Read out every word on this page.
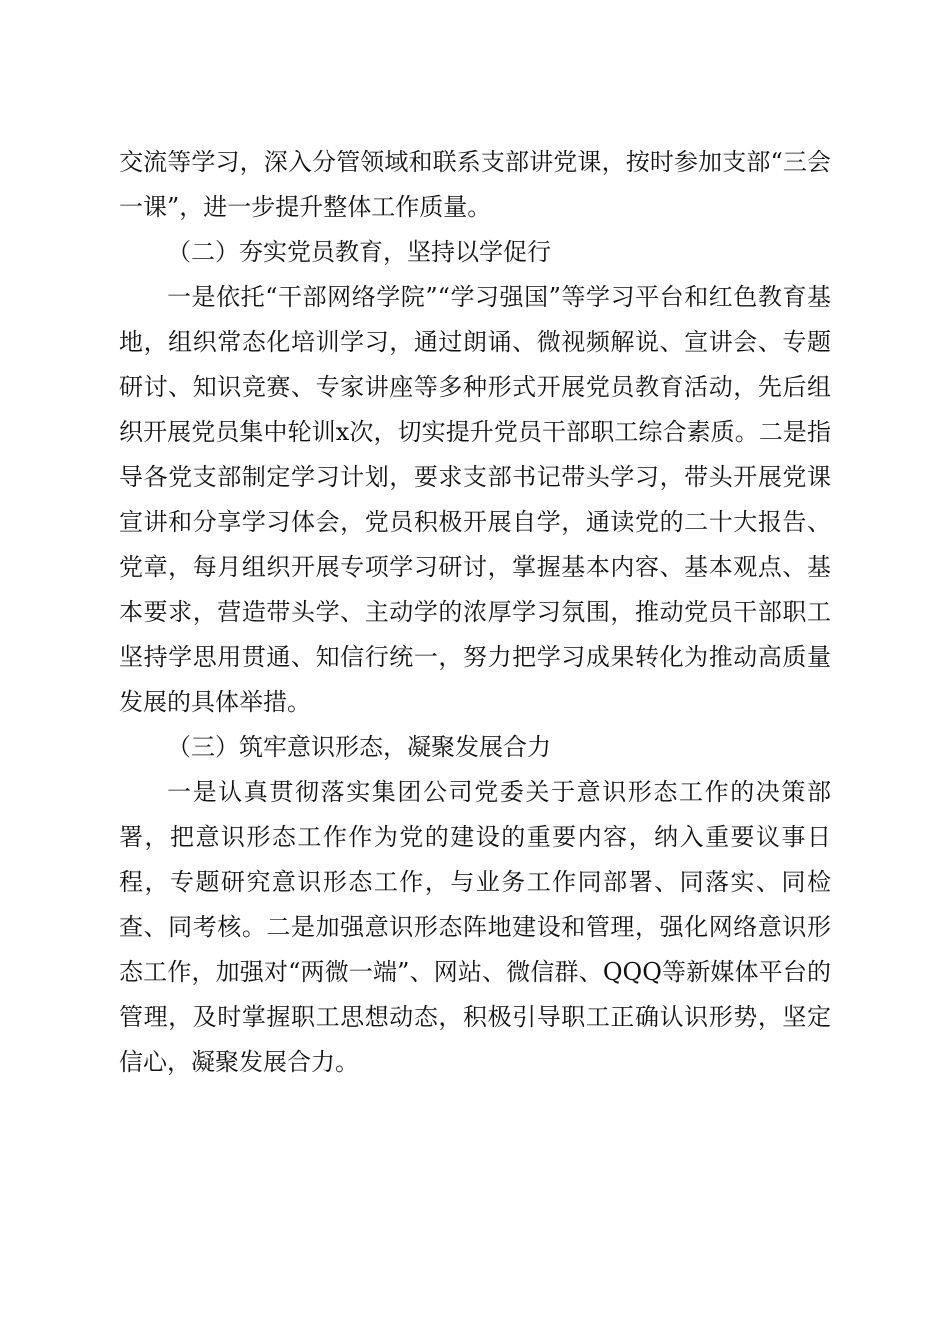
交流等学习，深入分管领域和联系支部讲党课，按时参加支部“三会一课”，进一步提升整体工作质量。

（二）夯实党员教育，坚持以学促行

一是依托“干部网络学院”“学习强国”等学习平台和红色教育基地，组织常态化培训学习，通过朗诵、微视频解说、宣讲会、专题研讨、知识竞赛、专家讲座等多种形式开展党员教育活动，先后组织开展党员集中轮训x次，切实提升党员干部职工综合素质。二是指导各党支部制定学习计划，要求支部书记带头学习，带头开展党课宣讲和分享学习体会，党员积极开展自学，通读党的二十大报告、党章，每月组织开展专项学习研讨，掌握基本内容、基本观点、基本要求，营造带头学、主动学的浓厚学习氛围，推动党员干部职工坚持学思用贯通、知信行统一，努力把学习成果转化为推动高质量发展的具体举措。

（三）筑牢意识形态，凝聚发展合力

一是认真贯彻落实集团公司党委关于意识形态工作的决策部署，把意识形态工作作为党的建设的重要内容，纳入重要议事日程，专题研究意识形态工作，与业务工作同部署、同落实、同检查、同考核。二是加强意识形态阵地建设和管理，强化网络意识形态工作，加强对“两微一端”、网站、微信群、QQQ等新媒体平台的管理，及时掌握职工思想动态，积极引导职工正确认识形势，坚定信心，凝聚发展合力。
